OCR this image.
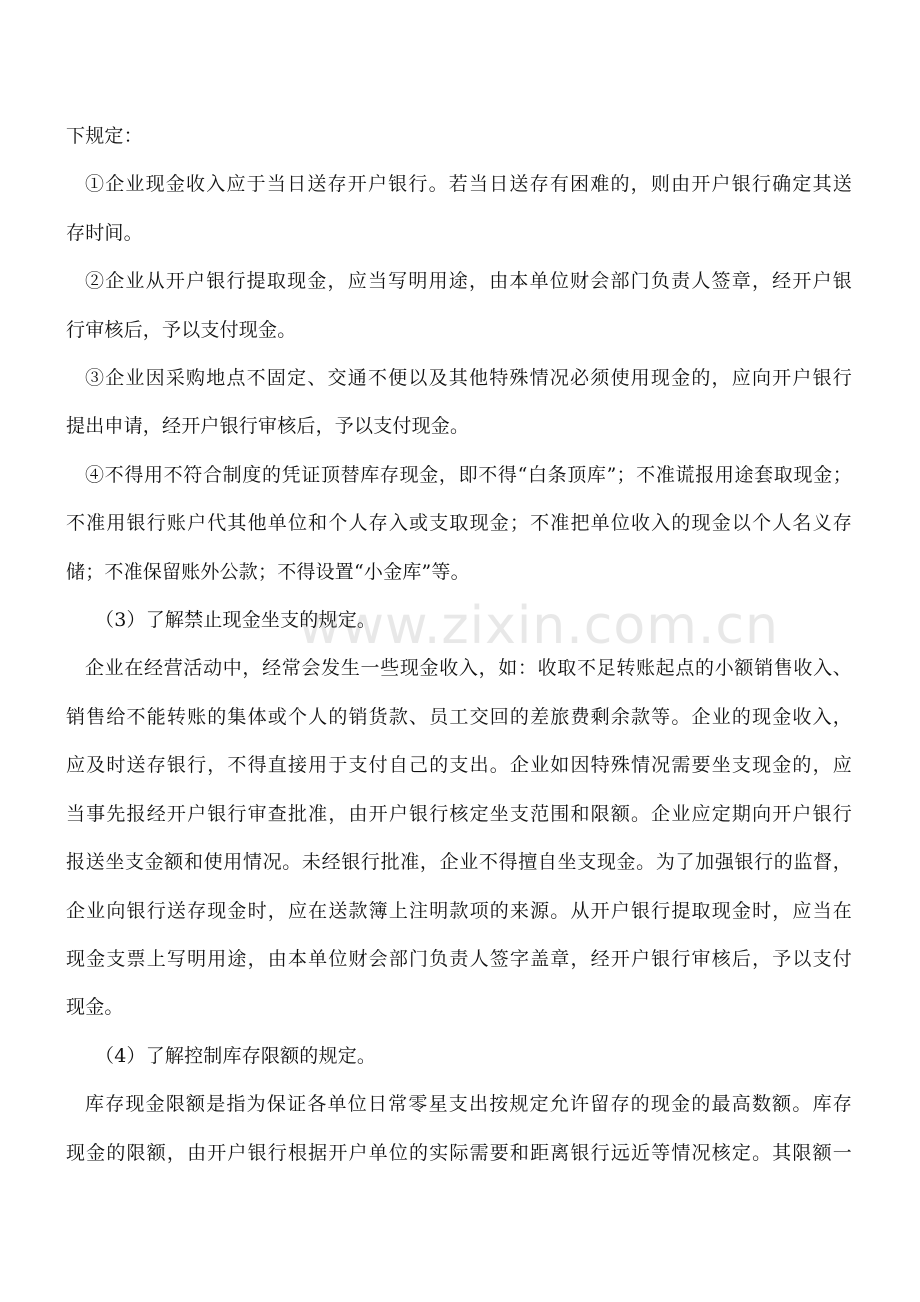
www.zixin.com.cn
下规定：
①企业现金收入应于当日送存开户银行。若当日送存有困难的，则由开户银行确定其送
存时间。
②企业从开户银行提取现金，应当写明用途，由本单位财会部门负责人签章，经开户银
行审核后，予以支付现金。
③企业因采购地点不固定、交通不便以及其他特殊情况必须使用现金的，应向开户银行
提出申请，经开户银行审核后，予以支付现金。
④不得用不符合制度的凭证顶替库存现金，即不得“白条顶库”；不准谎报用途套取现金；
不准用银行账户代其他单位和个人存入或支取现金；不准把单位收入的现金以个人名义存
储；不准保留账外公款；不得设置“小金库”等。
（3）了解禁止现金坐支的规定。
企业在经营活动中，经常会发生一些现金收入，如：收取不足转账起点的小额销售收入、
销售给不能转账的集体或个人的销货款、员工交回的差旅费剩余款等。企业的现金收入，
应及时送存银行，不得直接用于支付自己的支出。企业如因特殊情况需要坐支现金的，应
当事先报经开户银行审查批准，由开户银行核定坐支范围和限额。企业应定期向开户银行
报送坐支金额和使用情况。未经银行批准，企业不得擅自坐支现金。为了加强银行的监督，
企业向银行送存现金时，应在送款簿上注明款项的来源。从开户银行提取现金时，应当在
现金支票上写明用途，由本单位财会部门负责人签字盖章，经开户银行审核后，予以支付
现金。
（4）了解控制库存限额的规定。
库存现金限额是指为保证各单位日常零星支出按规定允许留存的现金的最高数额。库存
现金的限额，由开户银行根据开户单位的实际需要和距离银行远近等情况核定。其限额一
